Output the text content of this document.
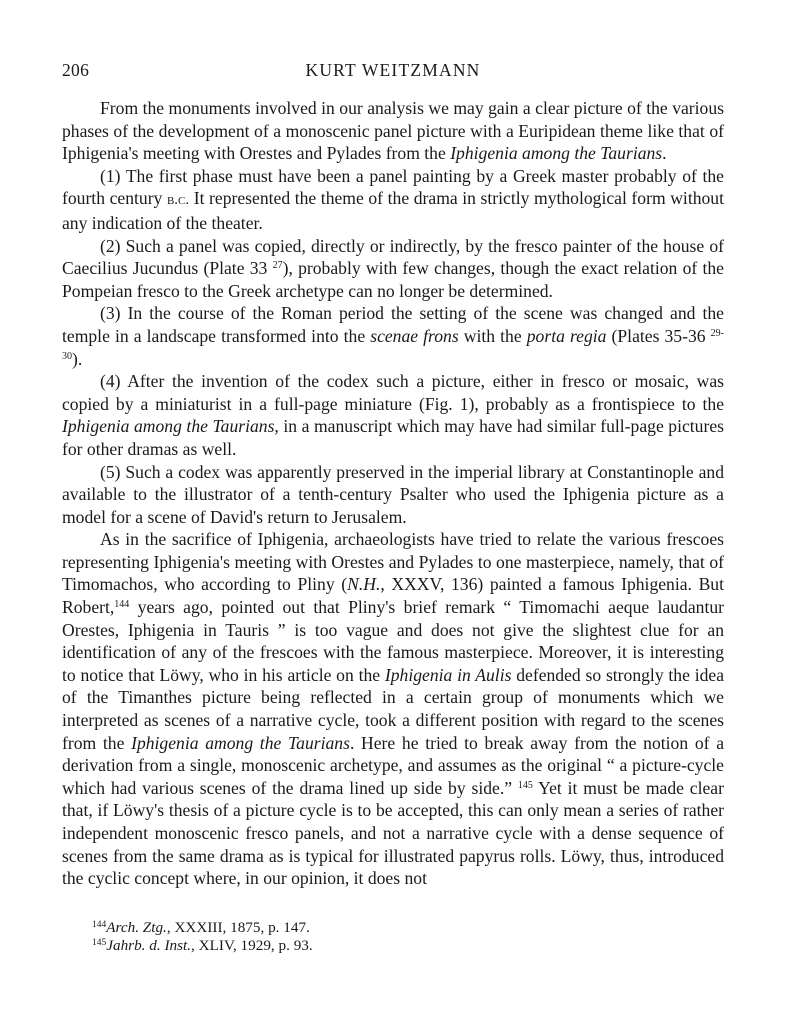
206	KURT WEITZMANN

From the monuments involved in our analysis we may gain a clear picture of the various phases of the development of a monoscenic panel picture with a Euripidean theme like that of Iphigenia's meeting with Orestes and Pylades from the Iphigenia among the Taurians.

(1) The first phase must have been a panel painting by a Greek master probably of the fourth century b.c. It represented the theme of the drama in strictly mythological form without any indication of the theater.

(2) Such a panel was copied, directly or indirectly, by the fresco painter of the house of Caecilius Jucundus (Plate 33 $^{27}$), probably with few changes, though the exact relation of the Pompeian fresco to the Greek archetype can no longer be determined.

(3) In the course of the Roman period the setting of the scene was changed and the temple in a landscape transformed into the scenae frons with the porta regia (Plates 35-36 $^{29-30}$).

(4) After the invention of the codex such a picture, either in fresco or mosaic, was copied by a miniaturist in a full-page miniature (Fig. 1), probably as a frontispiece to the Iphigenia among the Taurians, in a manuscript which may have had similar full-page pictures for other dramas as well.

(5) Such a codex was apparently preserved in the imperial library at Constantinople and available to the illustrator of a tenth-century Psalter who used the Iphigenia picture as a model for a scene of David's return to Jerusalem.

As in the sacrifice of Iphigenia, archaeologists have tried to relate the various frescoes representing Iphigenia's meeting with Orestes and Pylades to one masterpiece, namely, that of Timomachos, who according to Pliny (N.H., XXXV, 136) painted a famous Iphigenia. But Robert,$^{144}$ years ago, pointed out that Pliny's brief remark “ Timomachi aeque laudantur Orestes, Iphigenia in Tauris ” is too vague and does not give the slightest clue for an identification of any of the frescoes with the famous masterpiece. Moreover, it is interesting to notice that Löwy, who in his article on the Iphigenia in Aulis defended so strongly the idea of the Timanthes picture being reflected in a certain group of monuments which we interpreted as scenes of a narrative cycle, took a different position with regard to the scenes from the Iphigenia among the Taurians. Here he tried to break away from the notion of a derivation from a single, monoscenic archetype, and assumes as the original “ a picture-cycle which had various scenes of the drama lined up side by side.” $^{145}$ Yet it must be made clear that, if Löwy's thesis of a picture cycle is to be accepted, this can only mean a series of rather independent monoscenic fresco panels, and not a narrative cycle with a dense sequence of scenes from the same drama as is typical for illustrated papyrus rolls. Löwy, thus, introduced the cyclic concept where, in our opinion, it does not

$^{144}$Arch. Ztg., XXXIII, 1875, p. 147.
$^{145}$Jahrb. d. Inst., XLIV, 1929, p. 93.
